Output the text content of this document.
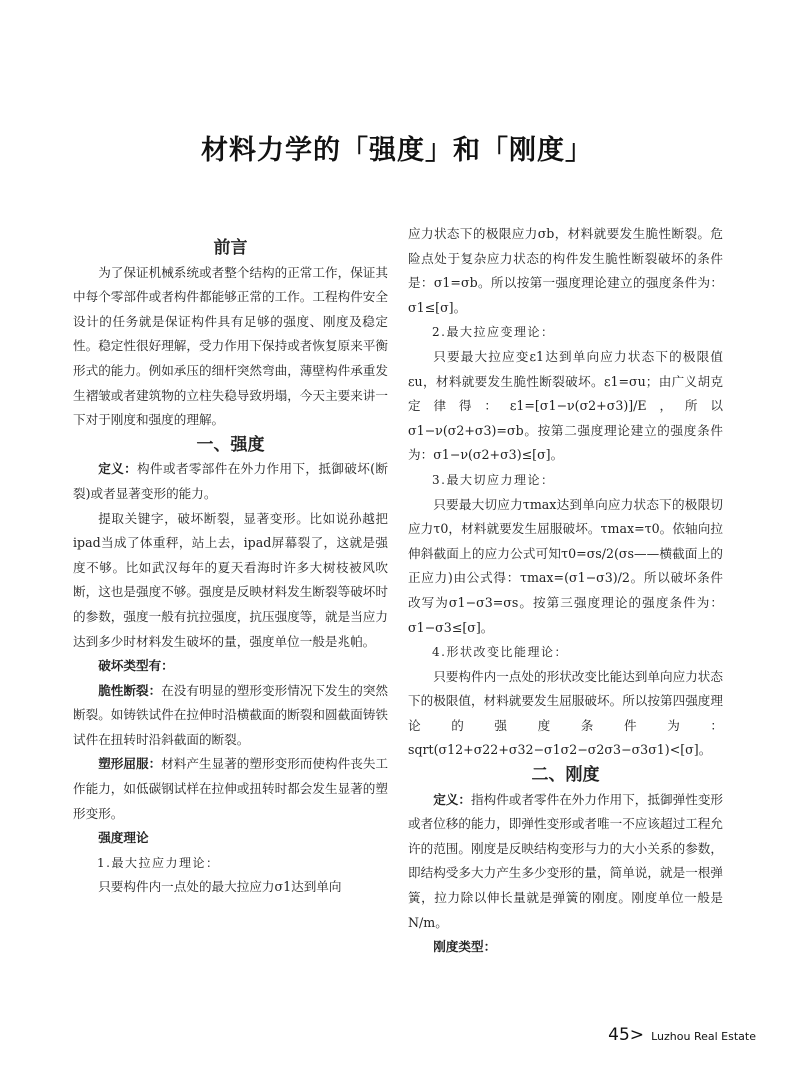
材料力学的「强度」和「刚度」

前言

为了保证机械系统或者整个结构的正常工作，保证其中每个零部件或者构件都能够正常的工作。工程构件安全设计的任务就是保证构件具有足够的强度、刚度及稳定性。稳定性很好理解，受力作用下保持或者恢复原来平衡形式的能力。例如承压的细杆突然弯曲，薄壁构件承重发生褶皱或者建筑物的立柱失稳导致坍塌，今天主要来讲一下对于刚度和强度的理解。

一、强度

定义：构件或者零部件在外力作用下，抵御破坏(断裂)或者显著变形的能力。

提取关键字，破坏断裂，显著变形。比如说孙越把ipad当成了体重秤，站上去，ipad屏幕裂了，这就是强度不够。比如武汉每年的夏天看海时许多大树枝被风吹断，这也是强度不够。强度是反映材料发生断裂等破坏时的参数，强度一般有抗拉强度，抗压强度等，就是当应力达到多少时材料发生破坏的量，强度单位一般是兆帕。

破坏类型有：

脆性断裂：在没有明显的塑形变形情况下发生的突然断裂。如铸铁试件在拉伸时沿横截面的断裂和圆截面铸铁试件在扭转时沿斜截面的断裂。

塑形屈服：材料产生显著的塑形变形而使构件丧失工作能力，如低碳钢试样在拉伸或扭转时都会发生显著的塑形变形。

强度理论

1.最大拉应力理论：

只要构件内一点处的最大拉应力σ1达到单向

应力状态下的极限应力σb，材料就要发生脆性断裂。危险点处于复杂应力状态的构件发生脆性断裂破坏的条件是：σ1=σb。所以按第一强度理论建立的强度条件为：σ1≤[σ]。

2.最大拉应变理论：

只要最大拉应变ε1达到单向应力状态下的极限值εu，材料就要发生脆性断裂破坏。ε1=σu；由广义胡克定律得：ε1=[σ1−ν(σ2+σ3)]/E，所以σ1−ν(σ2+σ3)=σb。按第二强度理论建立的强度条件为：σ1−ν(σ2+σ3)≤[σ]。

3.最大切应力理论：

只要最大切应力τmax达到单向应力状态下的极限切应力τ0，材料就要发生屈服破坏。τmax=τ0。依轴向拉伸斜截面上的应力公式可知τ0=σs/2(σs——横截面上的正应力)由公式得：τmax=(σ1−σ3)/2。所以破坏条件改写为σ1−σ3=σs。按第三强度理论的强度条件为：σ1−σ3≤[σ]。

4.形状改变比能理论：

只要构件内一点处的形状改变比能达到单向应力状态下的极限值，材料就要发生屈服破坏。所以按第四强度理论的强度条件为：sqrt(σ12+σ22+σ32−σ1σ2−σ2σ3−σ3σ1)<[σ]。

二、刚度

定义：指构件或者零件在外力作用下，抵御弹性变形或者位移的能力，即弹性变形或者唯一不应该超过工程允许的范围。刚度是反映结构变形与力的大小关系的参数，即结构受多大力产生多少变形的量，简单说，就是一根弹簧，拉力除以伸长量就是弹簧的刚度。刚度单位一般是N/m。

刚度类型：

45> Luzhou Real Estate
